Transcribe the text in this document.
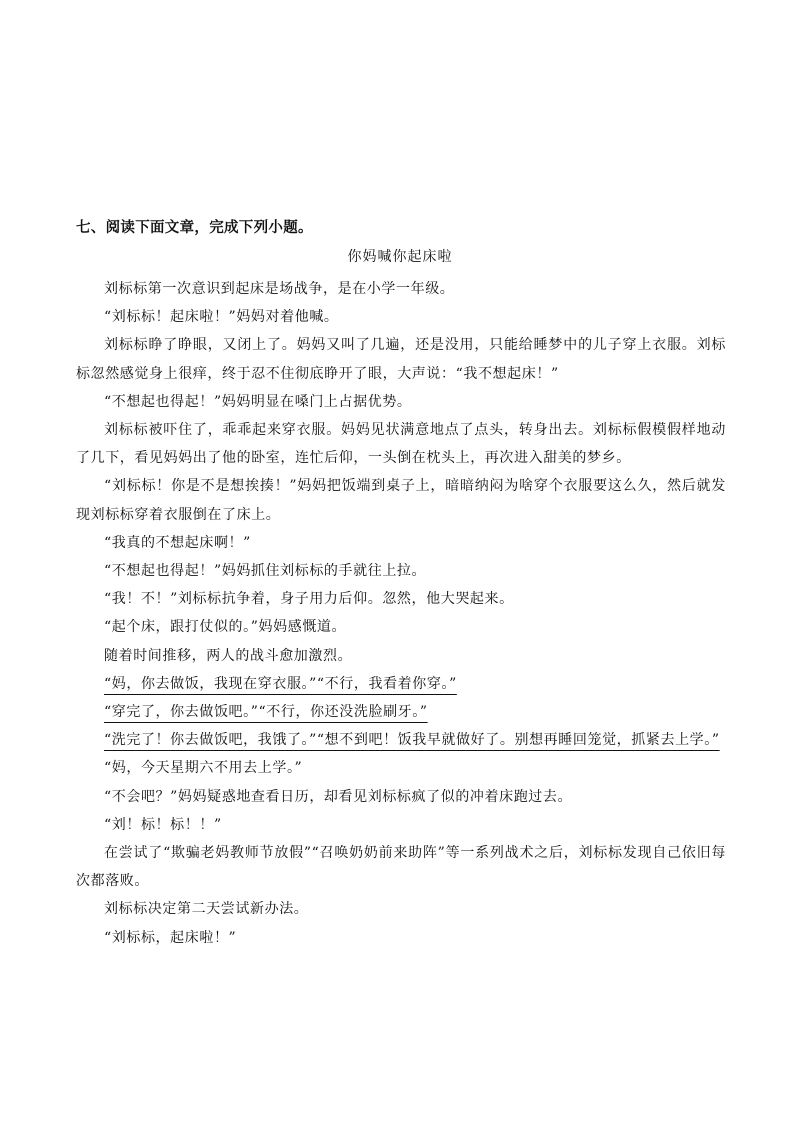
七、阅读下面文章，完成下列小题。
你妈喊你起床啦

刘标标第一次意识到起床是场战争，是在小学一年级。

“刘标标！起床啦！”妈妈对着他喊。

刘标标睁了睁眼，又闭上了。妈妈又叫了几遍，还是没用，只能给睡梦中的儿子穿上衣服。刘标标忽然感觉身上很痒，终于忍不住彻底睁开了眼，大声说：“我不想起床！”

“不想起也得起！”妈妈明显在嗓门上占据优势。

刘标标被吓住了，乖乖起来穿衣服。妈妈见状满意地点了点头，转身出去。刘标标假模假样地动了几下，看见妈妈出了他的卧室，连忙后仰，一头倒在枕头上，再次进入甜美的梦乡。

“刘标标！你是不是想挨揍！”妈妈把饭端到桌子上，暗暗纳闷为啥穿个衣服要这么久，然后就发现刘标标穿着衣服倒在了床上。

“我真的不想起床啊！”

“不想起也得起！”妈妈抓住刘标标的手就往上拉。

“我！不！”刘标标抗争着，身子用力后仰。忽然，他大哭起来。

“起个床，跟打仗似的。”妈妈感慨道。

随着时间推移，两人的战斗愈加激烈。

“妈，你去做饭，我现在穿衣服。”“不行，我看着你穿。”

“穿完了，你去做饭吧。”“不行，你还没洗脸刷牙。”

“洗完了！你去做饭吧，我饿了。”“想不到吧！饭我早就做好了。别想再睡回笼觉，抓紧去上学。”

“妈，今天星期六不用去上学。”

“不会吧？”妈妈疑惑地查看日历，却看见刘标标疯了似的冲着床跑过去。

“刘！标！标！！”

在尝试了“欺骗老妈教师节放假”“召唤奶奶前来助阵”等一系列战术之后，刘标标发现自己依旧每次都落败。

刘标标决定第二天尝试新办法。

“刘标标，起床啦！”
